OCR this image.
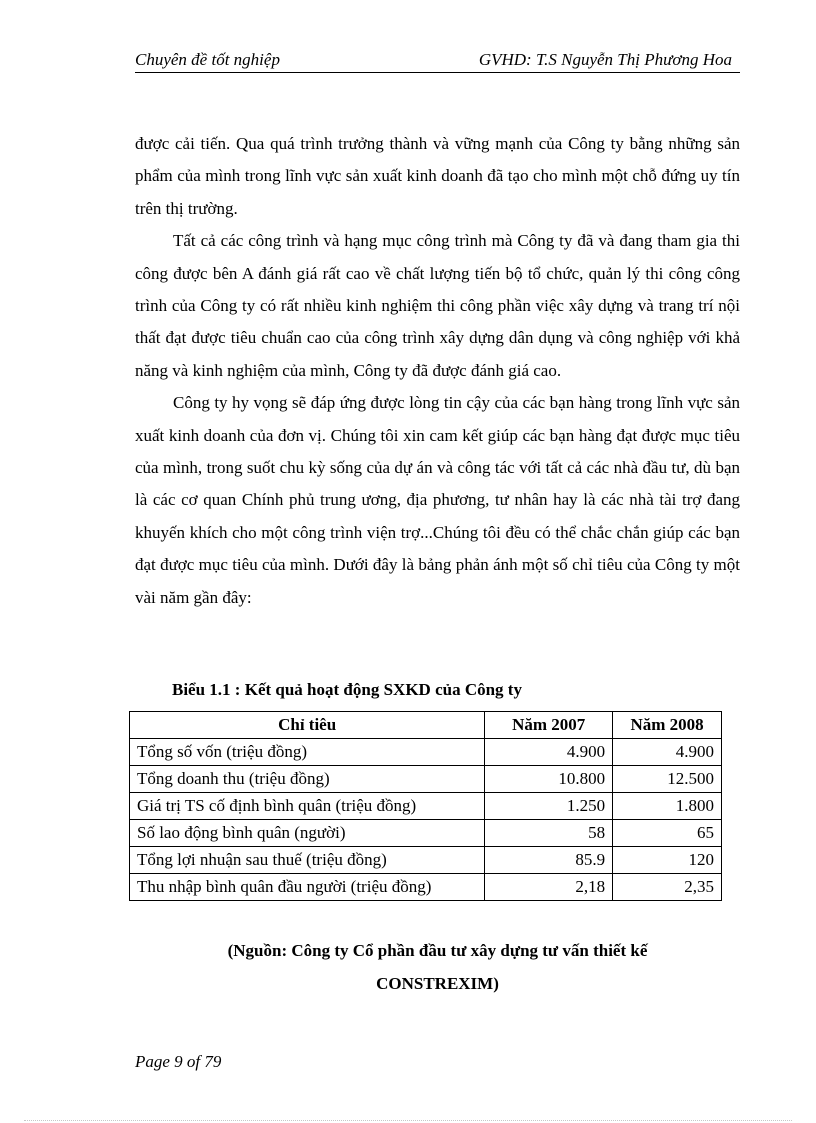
Chuyên đề tốt nghiệp	GVHD: T.S Nguyễn Thị Phương Hoa

được cải tiến. Qua quá trình trưởng thành và vững mạnh của Công ty bằng những sản phẩm của mình trong lĩnh vực sản xuất kinh doanh đã tạo cho mình một chỗ đứng uy tín trên thị trường.

Tất cả các công trình và hạng mục công trình mà Công ty đã và đang tham gia thi công được bên A đánh giá rất cao về chất lượng tiến bộ tổ chức, quản lý thi công công trình của Công ty có rất nhiều kinh nghiệm thi công phần việc xây dựng và trang trí nội thất đạt được tiêu chuẩn cao của công trình xây dựng dân dụng và công nghiệp với khả năng và kinh nghiệm của mình, Công ty đã được đánh giá cao.

Công ty hy vọng sẽ đáp ứng được lòng tin cậy của các bạn hàng trong lĩnh vực sản xuất kinh doanh của đơn vị. Chúng tôi xin cam kết giúp các bạn hàng đạt được mục tiêu của mình, trong suốt chu kỳ sống của dự án và công tác với tất cả các nhà đầu tư, dù bạn là các cơ quan Chính phủ trung ương, địa phương, tư nhân hay là các nhà tài trợ đang khuyến khích cho một công trình viện trợ...Chúng tôi đều có thể chắc chắn giúp các bạn đạt được mục tiêu của mình. Dưới đây là bảng phản ánh một số chỉ tiêu của Công ty một vài năm gần đây:

Biểu 1.1 : Kết quả hoạt động SXKD của Công ty
Chỉ tiêu	Năm 2007	Năm 2008
Tổng số vốn (triệu đồng)	4.900	4.900
Tổng doanh thu (triệu đồng)	10.800	12.500
Giá trị TS cố định bình quân (triệu đồng)	1.250	1.800
Số lao động bình quân (người)	58	65
Tổng lợi nhuận sau thuế (triệu đồng)	85.9	120
Thu nhập bình quân đầu người (triệu đồng)	2,18	2,35
(Nguồn: Công ty Cổ phần đầu tư xây dựng tư vấn thiết kế
CONSTREXIM)
Page 9 of 79
